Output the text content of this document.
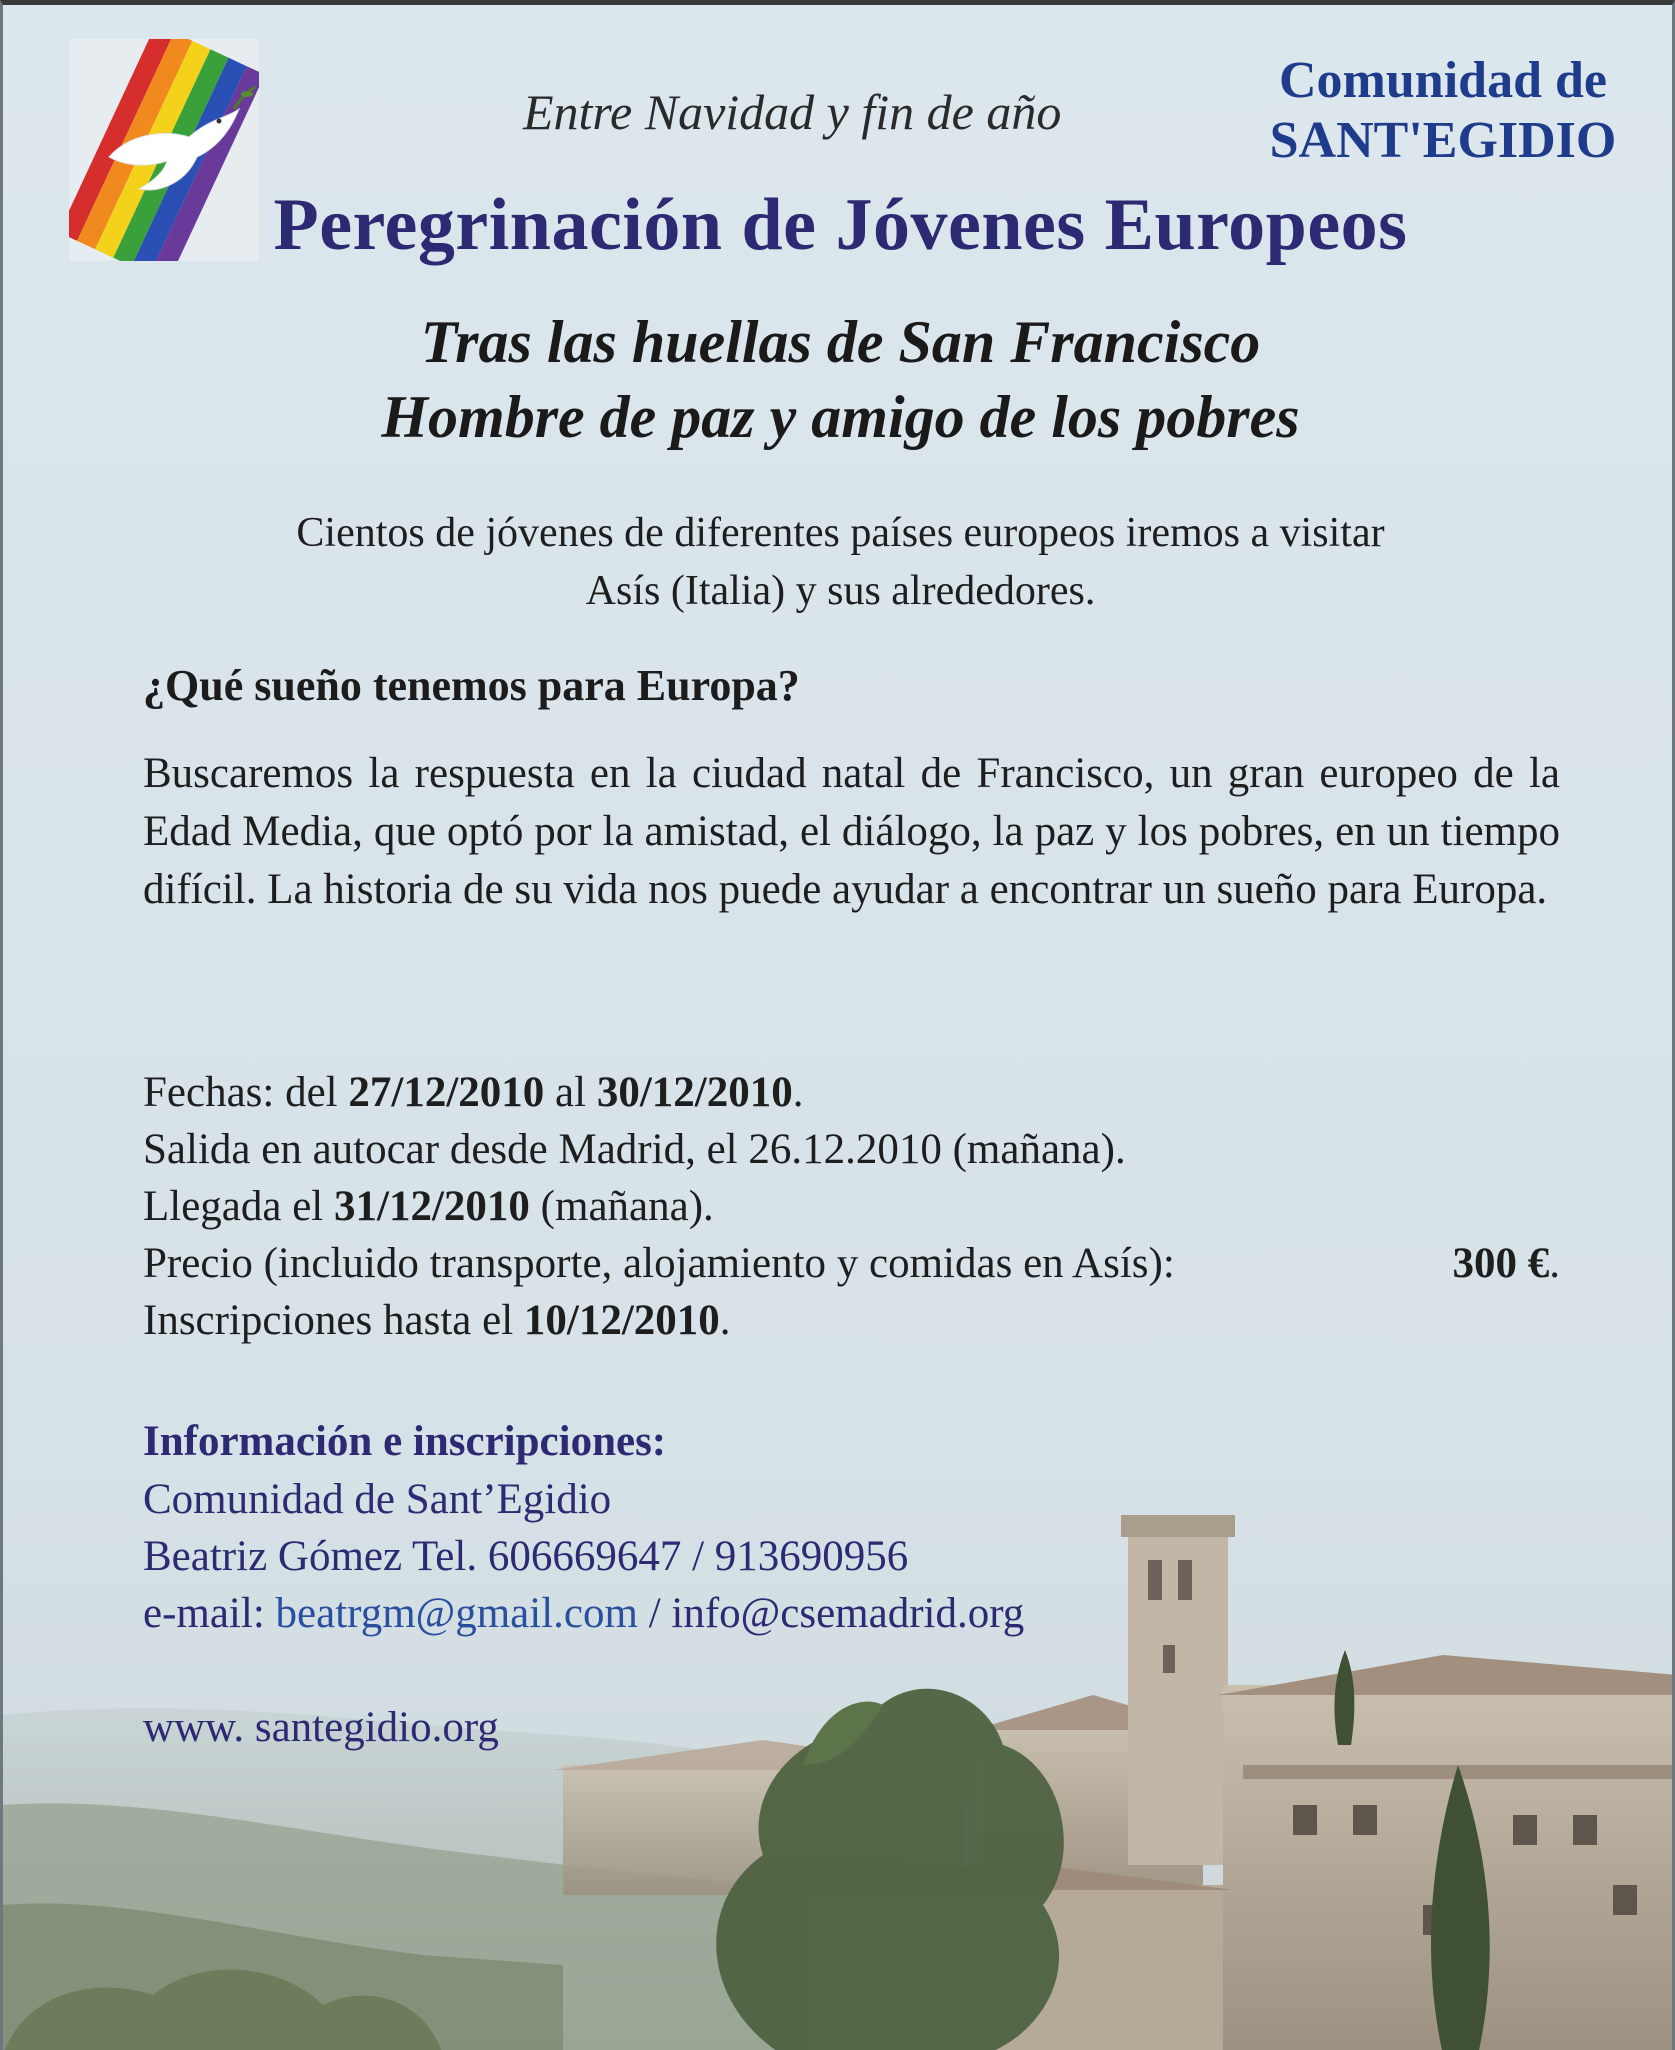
Entre Navidad y fin de año
Comunidad de
SANT'EGIDIO
Peregrinación de Jóvenes Europeos
Tras las huellas de San Francisco
Hombre de paz y amigo de los pobres
Cientos de jóvenes de diferentes países europeos iremos a visitar
Asís (Italia) y sus alrededores.
¿Qué sueño tenemos para Europa?
Buscaremos la respuesta en la ciudad natal de Francisco, un gran europeo de la Edad Media, que optó por la amistad, el diálogo, la paz y los pobres, en un tiempo difícil. La historia de su vida nos puede ayudar a encontrar un sueño para Europa.
Fechas: del 27/12/2010 al 30/12/2010.
Salida en autocar desde Madrid, el 26.12.2010 (mañana).
Llegada el 31/12/2010 (mañana).
Precio (incluido transporte, alojamiento y comidas en Asís):	300 €.
Inscripciones hasta el 10/12/2010.
Información e inscripciones:
Comunidad de Sant’Egidio
Beatriz Gómez Tel. 606669647 / 913690956
e-mail: beatrgm@gmail.com / info@csemadrid.org
www. santegidio.org
